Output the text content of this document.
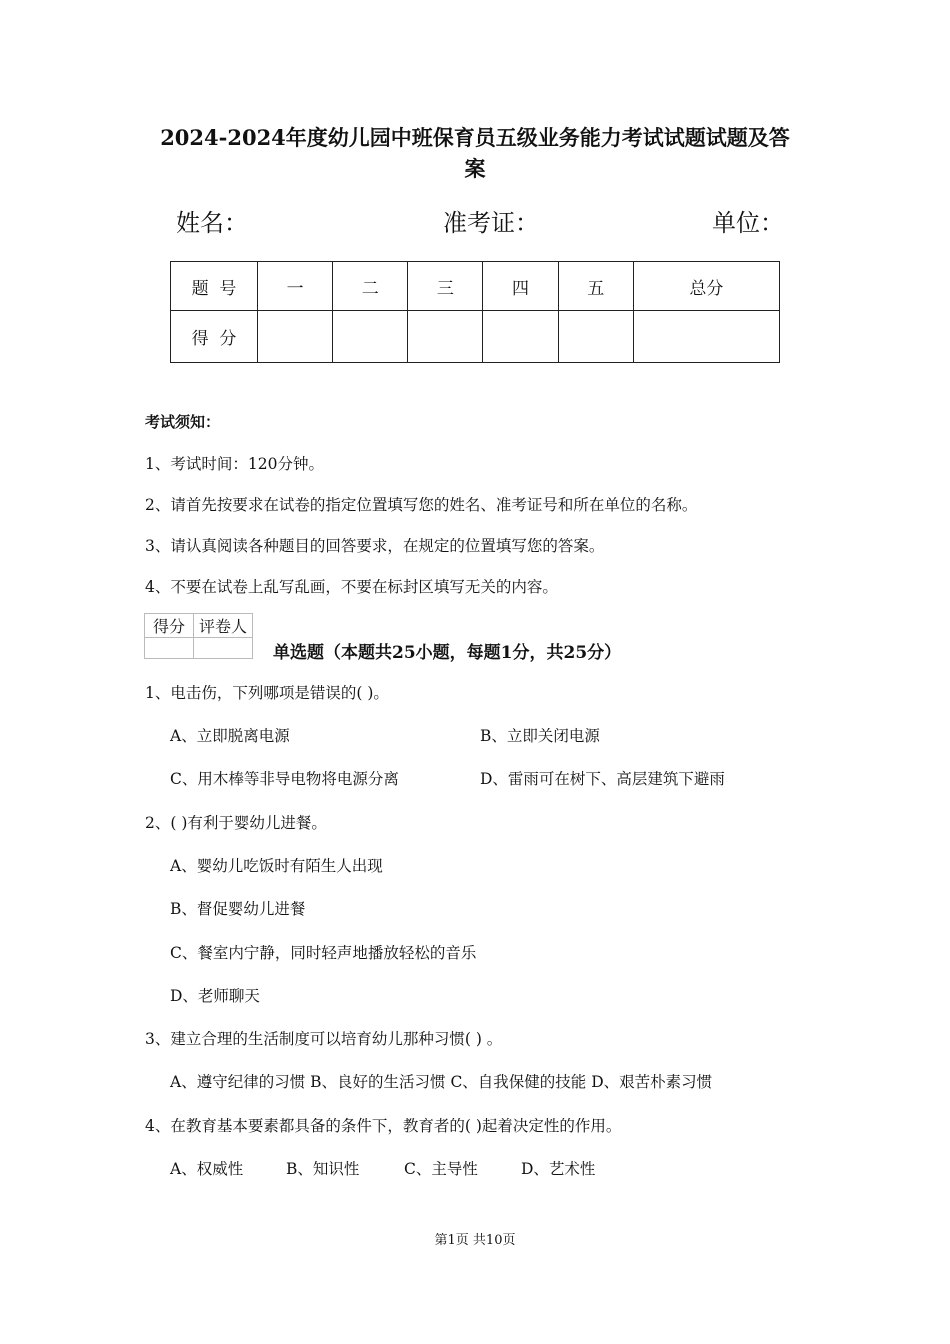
2024-2024年度幼儿园中班保育员五级业务能力考试试题试题及答
案
姓名：	准考证：	单位：
题  号	一	二	三	四	五	总分
得  分						
考试须知：
1、考试时间：120分钟。
2、请首先按要求在试卷的指定位置填写您的姓名、准考证号和所在单位的名称。
3、请认真阅读各种题目的回答要求，在规定的位置填写您的答案。
4、不要在试卷上乱写乱画，不要在标封区填写无关的内容。
得分	评卷人

单选题（本题共25小题，每题1分，共25分）
1、电击伤，下列哪项是错误的( )。
A、立即脱离电源	B、立即关闭电源
C、用木棒等非导电物将电源分离	D、雷雨可在树下、高层建筑下避雨
2、( )有利于婴幼儿进餐。
A、婴幼儿吃饭时有陌生人出现
B、督促婴幼儿进餐
C、餐室内宁静，同时轻声地播放轻松的音乐
D、老师聊天
3、建立合理的生活制度可以培育幼儿那种习惯( ) 。
A、遵守纪律的习惯 B、良好的生活习惯 C、自我保健的技能 D、艰苦朴素习惯
4、在教育基本要素都具备的条件下，教育者的( )起着决定性的作用。
A、权威性	B、知识性	C、主导性	D、艺术性
第1页 共10页
